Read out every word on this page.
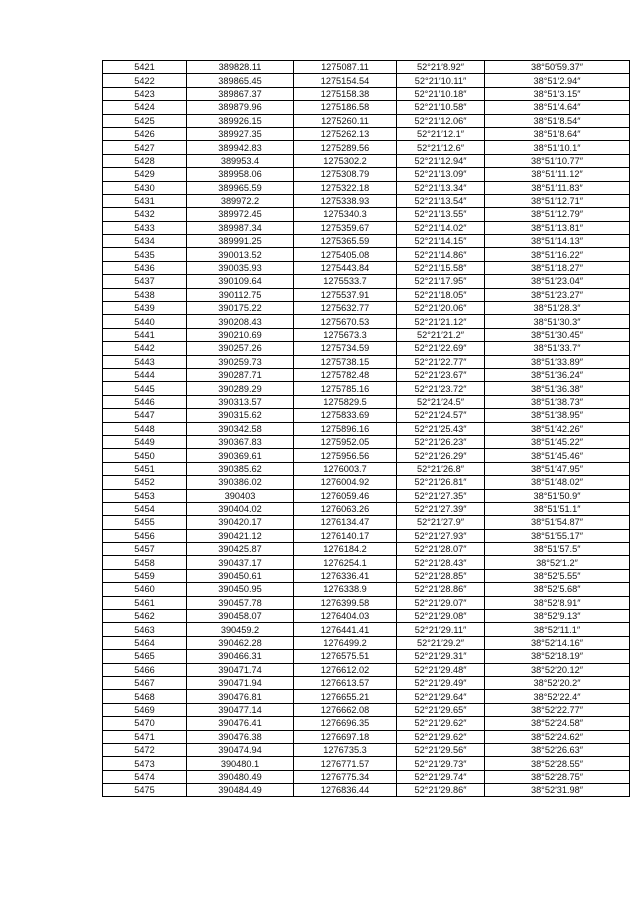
5421	389828.11	1275087.11	52°21′8.92″	38°50′59.37″
5422	389865.45	1275154.54	52°21′10.11″	38°51′2.94″
5423	389867.37	1275158.38	52°21′10.18″	38°51′3.15″
5424	389879.96	1275186.58	52°21′10.58″	38°51′4.64″
5425	389926.15	1275260.11	52°21′12.06″	38°51′8.54″
5426	389927.35	1275262.13	52°21′12.1″	38°51′8.64″
5427	389942.83	1275289.56	52°21′12.6″	38°51′10.1″
5428	389953.4	1275302.2	52°21′12.94″	38°51′10.77″
5429	389958.06	1275308.79	52°21′13.09″	38°51′11.12″
5430	389965.59	1275322.18	52°21′13.34″	38°51′11.83″
5431	389972.2	1275338.93	52°21′13.54″	38°51′12.71″
5432	389972.45	1275340.3	52°21′13.55″	38°51′12.79″
5433	389987.34	1275359.67	52°21′14.02″	38°51′13.81″
5434	389991.25	1275365.59	52°21′14.15″	38°51′14.13″
5435	390013.52	1275405.08	52°21′14.86″	38°51′16.22″
5436	390035.93	1275443.84	52°21′15.58″	38°51′18.27″
5437	390109.64	1275533.7	52°21′17.95″	38°51′23.04″
5438	390112.75	1275537.91	52°21′18.05″	38°51′23.27″
5439	390175.22	1275632.77	52°21′20.06″	38°51′28.3″
5440	390208.43	1275670.53	52°21′21.12″	38°51′30.3″
5441	390210.69	1275673.3	52°21′21.2″	38°51′30.45″
5442	390257.26	1275734.59	52°21′22.69″	38°51′33.7″
5443	390259.73	1275738.15	52°21′22.77″	38°51′33.89″
5444	390287.71	1275782.48	52°21′23.67″	38°51′36.24″
5445	390289.29	1275785.16	52°21′23.72″	38°51′36.38″
5446	390313.57	1275829.5	52°21′24.5″	38°51′38.73″
5447	390315.62	1275833.69	52°21′24.57″	38°51′38.95″
5448	390342.58	1275896.16	52°21′25.43″	38°51′42.26″
5449	390367.83	1275952.05	52°21′26.23″	38°51′45.22″
5450	390369.61	1275956.56	52°21′26.29″	38°51′45.46″
5451	390385.62	1276003.7	52°21′26.8″	38°51′47.95″
5452	390386.02	1276004.92	52°21′26.81″	38°51′48.02″
5453	390403	1276059.46	52°21′27.35″	38°51′50.9″
5454	390404.02	1276063.26	52°21′27.39″	38°51′51.1″
5455	390420.17	1276134.47	52°21′27.9″	38°51′54.87″
5456	390421.12	1276140.17	52°21′27.93″	38°51′55.17″
5457	390425.87	1276184.2	52°21′28.07″	38°51′57.5″
5458	390437.17	1276254.1	52°21′28.43″	38°52′1.2″
5459	390450.61	1276336.41	52°21′28.85″	38°52′5.55″
5460	390450.95	1276338.9	52°21′28.86″	38°52′5.68″
5461	390457.78	1276399.58	52°21′29.07″	38°52′8.91″
5462	390458.07	1276404.03	52°21′29.08″	38°52′9.13″
5463	390459.2	1276441.41	52°21′29.11″	38°52′11.1″
5464	390462.28	1276499.2	52°21′29.2″	38°52′14.16″
5465	390466.31	1276575.51	52°21′29.31″	38°52′18.19″
5466	390471.74	1276612.02	52°21′29.48″	38°52′20.12″
5467	390471.94	1276613.57	52°21′29.49″	38°52′20.2″
5468	390476.81	1276655.21	52°21′29.64″	38°52′22.4″
5469	390477.14	1276662.08	52°21′29.65″	38°52′22.77″
5470	390476.41	1276696.35	52°21′29.62″	38°52′24.58″
5471	390476.38	1276697.18	52°21′29.62″	38°52′24.62″
5472	390474.94	1276735.3	52°21′29.56″	38°52′26.63″
5473	390480.1	1276771.57	52°21′29.73″	38°52′28.55″
5474	390480.49	1276775.34	52°21′29.74″	38°52′28.75″
5475	390484.49	1276836.44	52°21′29.86″	38°52′31.98″
